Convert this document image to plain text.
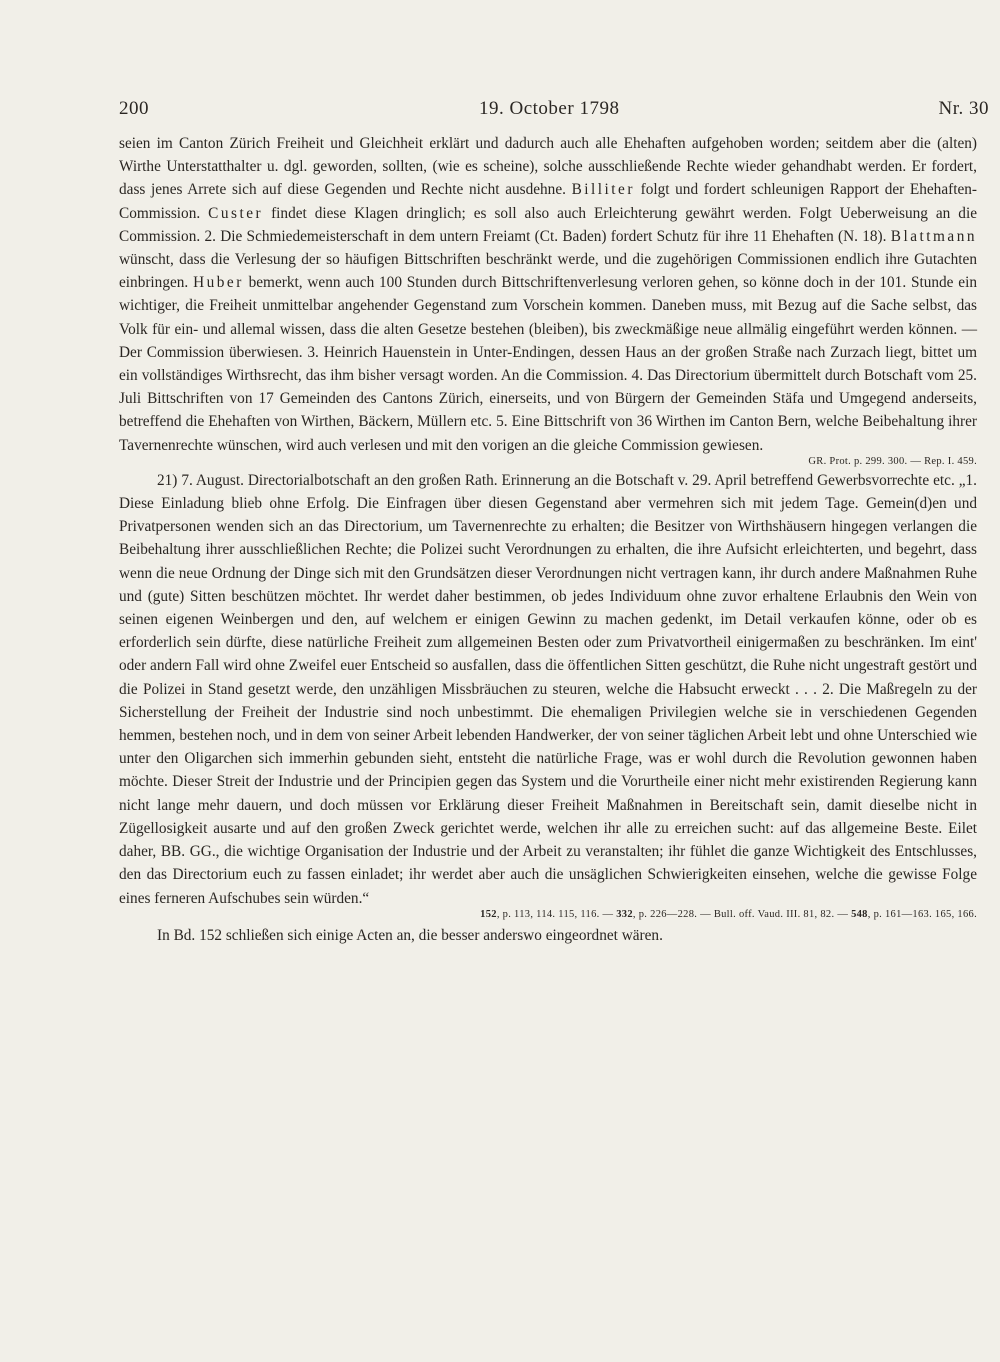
200	19. October 1798	Nr. 30

seien im Canton Zürich Freiheit und Gleichheit erklärt und dadurch auch alle Ehehaften aufgehoben worden; seitdem aber die (alten) Wirthe Unterstatthalter u. dgl. geworden, sollten, (wie es scheine), solche ausschließende Rechte wieder gehandhabt werden. Er fordert, dass jenes Arrete sich auf diese Gegenden und Rechte nicht ausdehne. Billiter folgt und fordert schleunigen Rapport der Ehehaften-Commission. Custer findet diese Klagen dringlich; es soll also auch Erleichterung gewährt werden. Folgt Ueberweisung an die Commission. 2. Die Schmiedemeisterschaft in dem untern Freiamt (Ct. Baden) fordert Schutz für ihre 11 Ehehaften (N. 18). Blattmann wünscht, dass die Verlesung der so häufigen Bittschriften beschränkt werde, und die zugehörigen Commissionen endlich ihre Gutachten einbringen. Huber bemerkt, wenn auch 100 Stunden durch Bittschriftenverlesung verloren gehen, so könne doch in der 101. Stunde ein wichtiger, die Freiheit unmittelbar angehender Gegenstand zum Vorschein kommen. Daneben muss, mit Bezug auf die Sache selbst, das Volk für ein- und allemal wissen, dass die alten Gesetze bestehen (bleiben), bis zweckmäßige neue allmälig eingeführt werden können. — Der Commission überwiesen. 3. Heinrich Hauenstein in Unter-Endingen, dessen Haus an der großen Straße nach Zurzach liegt, bittet um ein vollständiges Wirthsrecht, das ihm bisher versagt worden. An die Commission. 4. Das Directorium übermittelt durch Botschaft vom 25. Juli Bittschriften von 17 Gemeinden des Cantons Zürich, einerseits, und von Bürgern der Gemeinden Stäfa und Umgegend anderseits, betreffend die Ehehaften von Wirthen, Bäckern, Müllern etc. 5. Eine Bittschrift von 36 Wirthen im Canton Bern, welche Beibehaltung ihrer Tavernenrechte wünschen, wird auch verlesen und mit den vorigen an die gleiche Commission gewiesen.

GR. Prot. p. 299. 300. — Rep. I. 459.

21) 7. August. Directorialbotschaft an den großen Rath. Erinnerung an die Botschaft v. 29. April betreffend Gewerbsvorrechte etc. „1. Diese Einladung blieb ohne Erfolg. Die Einfragen über diesen Gegenstand aber vermehren sich mit jedem Tage. Gemein(d)en und Privatpersonen wenden sich an das Directorium, um Tavernenrechte zu erhalten; die Besitzer von Wirthshäusern hingegen verlangen die Beibehaltung ihrer ausschließlichen Rechte; die Polizei sucht Verordnungen zu erhalten, die ihre Aufsicht erleichterten, und begehrt, dass wenn die neue Ordnung der Dinge sich mit den Grundsätzen dieser Verordnungen nicht vertragen kann, ihr durch andere Maßnahmen Ruhe und (gute) Sitten beschützen möchtet. Ihr werdet daher bestimmen, ob jedes Individuum ohne zuvor erhaltene Erlaubnis den Wein von seinen eigenen Weinbergen und den, auf welchem er einigen Gewinn zu machen gedenkt, im Detail verkaufen könne, oder ob es erforderlich sein dürfte, diese natürliche Freiheit zum allgemeinen Besten oder zum Privatvortheil einigermaßen zu beschränken. Im eint' oder andern Fall wird ohne Zweifel euer Entscheid so ausfallen, dass die öffentlichen Sitten geschützt, die Ruhe nicht ungestraft gestört und die Polizei in Stand gesetzt werde, den unzähligen Missbräuchen zu steuren, welche die Habsucht erweckt . . . 2. Die Maßregeln zu der Sicherstellung der Freiheit der Industrie sind noch unbestimmt. Die ehemaligen Privilegien welche sie in verschiedenen Gegenden hemmen, bestehen noch, und in dem von seiner Arbeit lebenden Handwerker, der von seiner täglichen Arbeit lebt und ohne Unterschied wie unter den Oligarchen sich immerhin gebunden sieht, entsteht die natürliche Frage, was er wohl durch die Revolution gewonnen haben möchte. Dieser Streit der Industrie und der Principien gegen das System und die Vorurtheile einer nicht mehr existirenden Regierung kann nicht lange mehr dauern, und doch müssen vor Erklärung dieser Freiheit Maßnahmen in Bereitschaft sein, damit dieselbe nicht in Zügellosigkeit ausarte und auf den großen Zweck gerichtet werde, welchen ihr alle zu erreichen sucht: auf das allgemeine Beste. Eilet daher, BB. GG., die wichtige Organisation der Industrie und der Arbeit zu veranstalten; ihr fühlet die ganze Wichtigkeit des Entschlusses, den das Directorium euch zu fassen einladet; ihr werdet aber auch die unsäglichen Schwierigkeiten einsehen, welche die gewisse Folge eines ferneren Aufschubes sein würden.“

152, p. 113, 114. 115, 116. — 332, p. 226—228. — Bull. off. Vaud. III. 81, 82. — 548, p. 161—163. 165, 166.

In Bd. 152 schließen sich einige Acten an, die besser anderswo eingeordnet wären.
